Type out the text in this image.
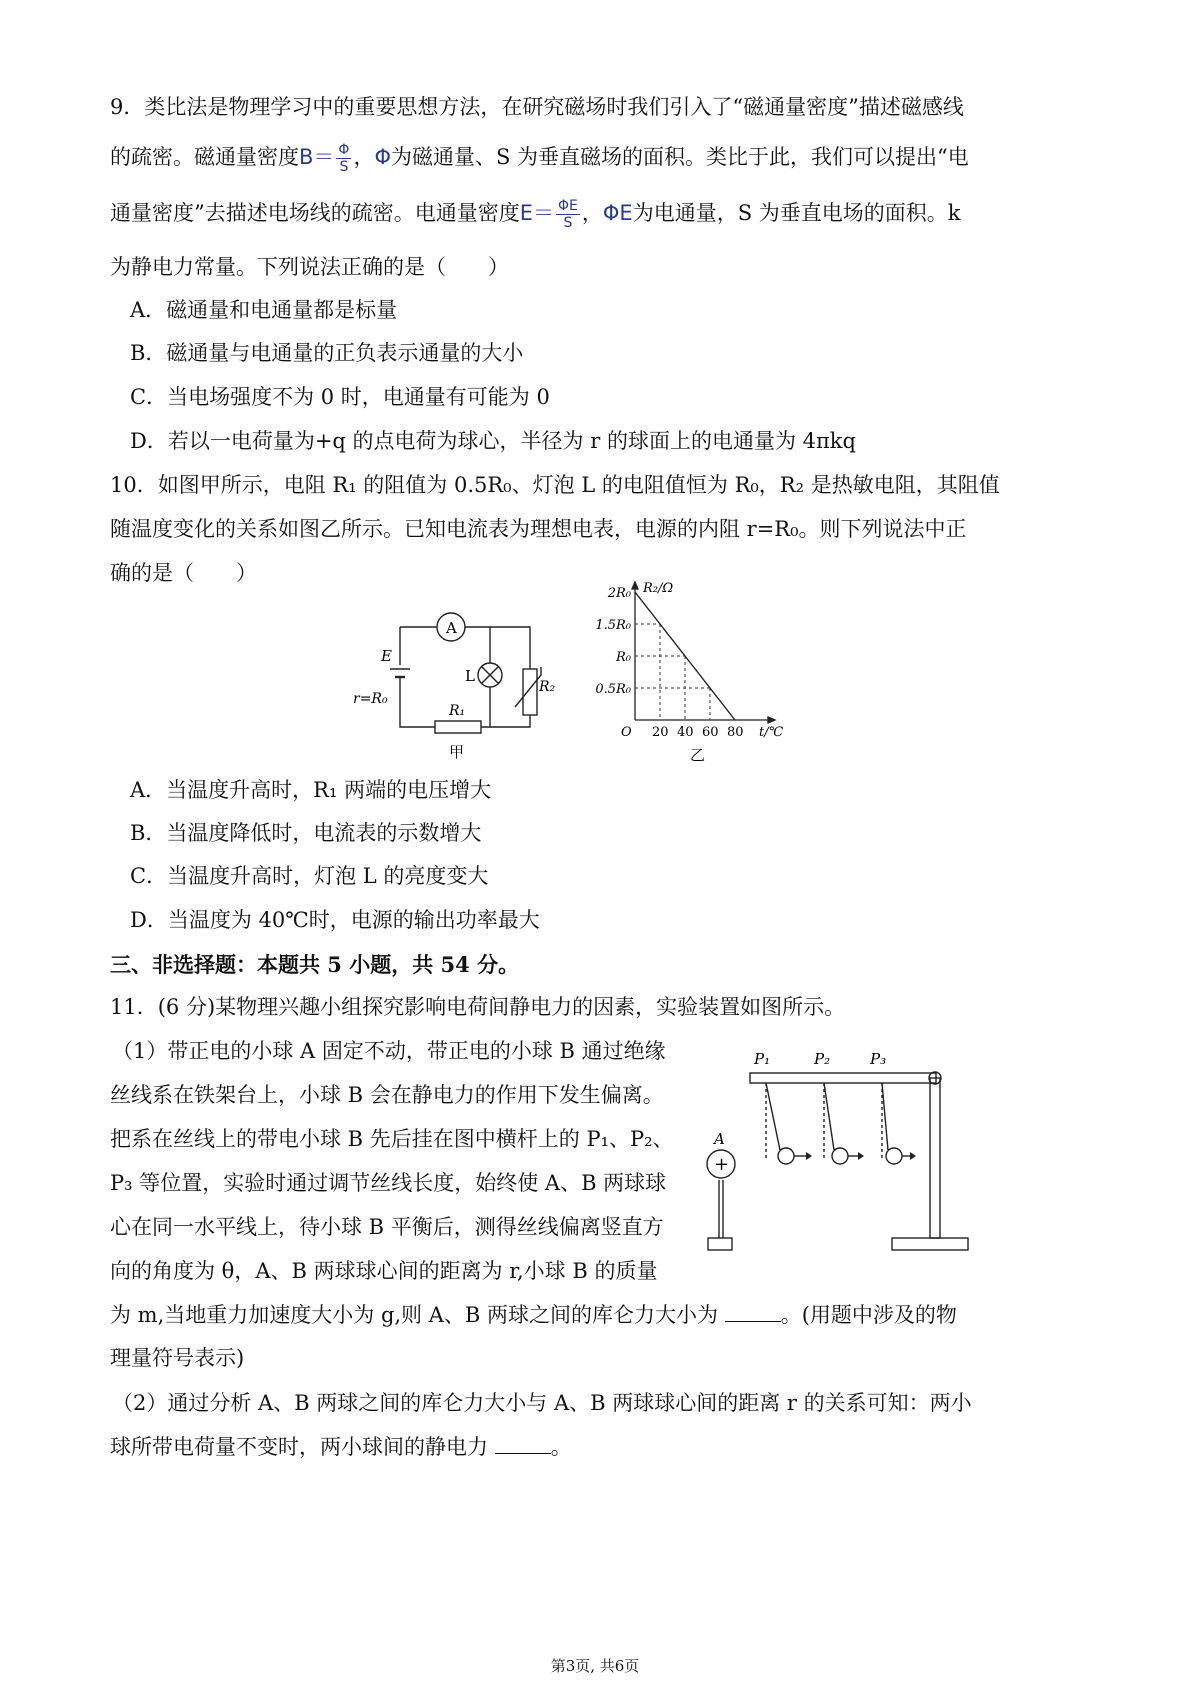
9．类比法是物理学习中的重要思想方法，在研究磁场时我们引入了“磁通量密度”描述磁感线
的疏密。磁通量密度$B= \frac{\Phi}{S}$ ，Φ为磁通量、S 为垂直磁场的面积。类比于此，我们可以提出“电
通量密度”去描述电场线的疏密。电通量密度$E= \frac{\Phi E}{S}$ ，ΦE为电通量，S 为垂直电场的面积。k
为静电力常量。下列说法正确的是（　　）
A．磁通量和电通量都是标量
B．磁通量与电通量的正负表示通量的大小
C．当电场强度不为 0 时，电通量有可能为 0
D．若以一电荷量为+q 的点电荷为球心，半径为 r 的球面上的电通量为 4πkq
10．如图甲所示，电阻 R₁ 的阻值为 0.5R₀、灯泡 L 的电阻值恒为 R₀，R₂ 是热敏电阻，其阻值
随温度变化的关系如图乙所示。已知电流表为理想电表，电源的内阻 r=R₀。则下列说法中正
确的是（　　）
A
E
r=R₀
L
R₂
R₁
甲
20 40 60 80
0.5R₀
R₀
1.5R₀
2R₀
O
R₂/Ω
t/℃
乙
A．当温度升高时，R₁ 两端的电压增大
B．当温度降低时，电流表的示数增大
C．当温度升高时，灯泡 L 的亮度变大
D．当温度为 40℃时，电源的输出功率最大
三、非选择题：本题共 5 小题，共 54 分。
11．(6 分)某物理兴趣小组探究影响电荷间静电力的因素，实验装置如图所示。
（1）带正电的小球 A 固定不动，带正电的小球 B 通过绝缘
丝线系在铁架台上，小球 B 会在静电力的作用下发生偏离。
把系在丝线上的带电小球 B 先后挂在图中横杆上的 P₁、P₂、
P₃ 等位置，实验时通过调节丝线长度，始终使 A、B 两球球
心在同一水平线上，待小球 B 平衡后，测得丝线偏离竖直方
向的角度为 θ，A、B 两球球心间的距离为 r,小球 B 的质量
为 m,当地重力加速度大小为 g,则 A、B 两球之间的库仑力大小为	。(用题中涉及的物
理量符号表示)
（2）通过分析 A、B 两球之间的库仑力大小与 A、B 两球球心间的距离 r 的关系可知：两小
球所带电荷量不变时，两小球间的静电力	。
P₁	P₂	P₃
A
+
第3页, 共6页
